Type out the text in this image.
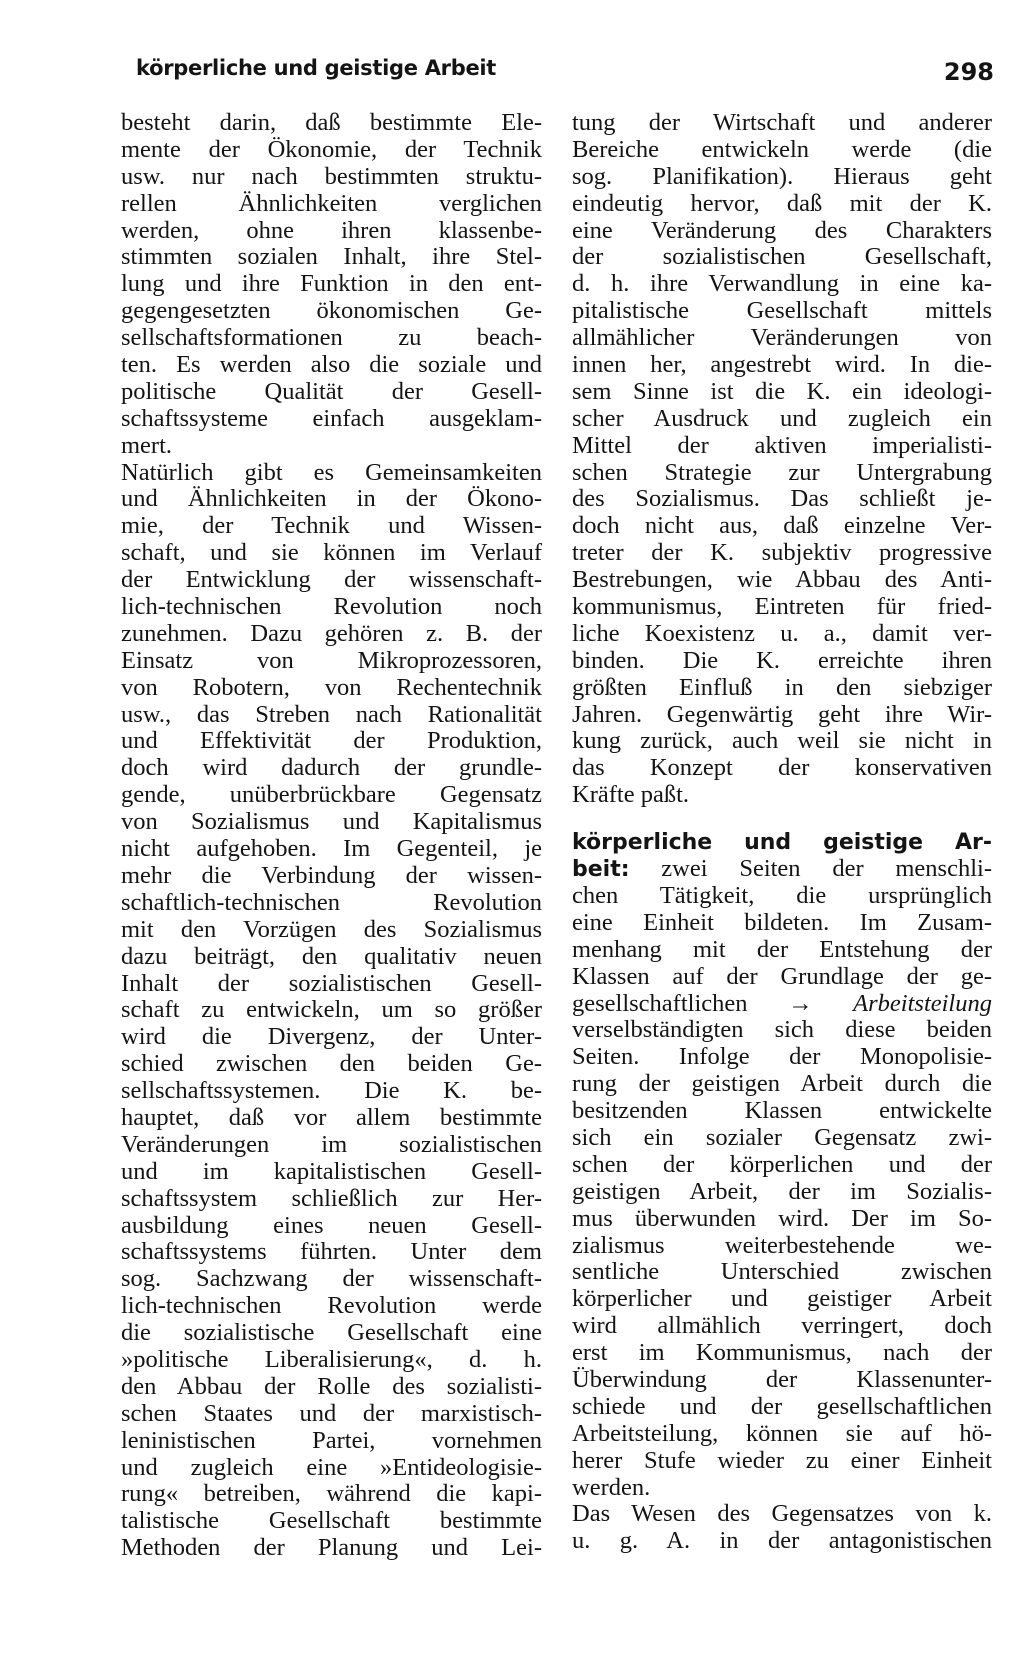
körperliche und geistige Arbeit	298
besteht darin, daß bestimmte Ele-
mente der Ökonomie, der Technik
usw. nur nach bestimmten struktu-
rellen Ähnlichkeiten verglichen
werden, ohne ihren klassenbe-
stimmten sozialen Inhalt, ihre Stel-
lung und ihre Funktion in den ent-
gegengesetzten ökonomischen Ge-
sellschaftsformationen zu beach-
ten. Es werden also die soziale und
politische Qualität der Gesell-
schaftssysteme einfach ausgeklam-
mert.
Natürlich gibt es Gemeinsamkeiten
und Ähnlichkeiten in der Ökono-
mie, der Technik und Wissen-
schaft, und sie können im Verlauf
der Entwicklung der wissenschaft-
lich-technischen Revolution noch
zunehmen. Dazu gehören z. B. der
Einsatz von Mikroprozessoren,
von Robotern, von Rechentechnik
usw., das Streben nach Rationalität
und Effektivität der Produktion,
doch wird dadurch der grundle-
gende, unüberbrückbare Gegensatz
von Sozialismus und Kapitalismus
nicht aufgehoben. Im Gegenteil, je
mehr die Verbindung der wissen-
schaftlich-technischen Revolution
mit den Vorzügen des Sozialismus
dazu beiträgt, den qualitativ neuen
Inhalt der sozialistischen Gesell-
schaft zu entwickeln, um so größer
wird die Divergenz, der Unter-
schied zwischen den beiden Ge-
sellschaftssystemen. Die K. be-
hauptet, daß vor allem bestimmte
Veränderungen im sozialistischen
und im kapitalistischen Gesell-
schaftssystem schließlich zur Her-
ausbildung eines neuen Gesell-
schaftssystems führten. Unter dem
sog. Sachzwang der wissenschaft-
lich-technischen Revolution werde
die sozialistische Gesellschaft eine
»politische Liberalisierung«, d. h.
den Abbau der Rolle des sozialisti-
schen Staates und der marxistisch-
leninistischen Partei, vornehmen
und zugleich eine »Entideologisie-
rung« betreiben, während die kapi-
talistische Gesellschaft bestimmte
Methoden der Planung und Lei-
tung der Wirtschaft und anderer
Bereiche entwickeln werde (die
sog. Planifikation). Hieraus geht
eindeutig hervor, daß mit der K.
eine Veränderung des Charakters
der sozialistischen Gesellschaft,
d. h. ihre Verwandlung in eine ka-
pitalistische Gesellschaft mittels
allmählicher Veränderungen von
innen her, angestrebt wird. In die-
sem Sinne ist die K. ein ideologi-
scher Ausdruck und zugleich ein
Mittel der aktiven imperialisti-
schen Strategie zur Untergrabung
des Sozialismus. Das schließt je-
doch nicht aus, daß einzelne Ver-
treter der K. subjektiv progressive
Bestrebungen, wie Abbau des Anti-
kommunismus, Eintreten für fried-
liche Koexistenz u. a., damit ver-
binden. Die K. erreichte ihren
größten Einfluß in den siebziger
Jahren. Gegenwärtig geht ihre Wir-
kung zurück, auch weil sie nicht in
das Konzept der konservativen
Kräfte paßt.
körperliche und geistige Ar-
beit: zwei Seiten der menschli-
chen Tätigkeit, die ursprünglich
eine Einheit bildeten. Im Zusam-
menhang mit der Entstehung der
Klassen auf der Grundlage der ge-
gesellschaftlichen → Arbeitsteilung
verselbständigten sich diese beiden
Seiten. Infolge der Monopolisie-
rung der geistigen Arbeit durch die
besitzenden Klassen entwickelte
sich ein sozialer Gegensatz zwi-
schen der körperlichen und der
geistigen Arbeit, der im Sozialis-
mus überwunden wird. Der im So-
zialismus weiterbestehende we-
sentliche Unterschied zwischen
körperlicher und geistiger Arbeit
wird allmählich verringert, doch
erst im Kommunismus, nach der
Überwindung der Klassenunter-
schiede und der gesellschaftlichen
Arbeitsteilung, können sie auf hö-
herer Stufe wieder zu einer Einheit
werden.
Das Wesen des Gegensatzes von k.
u. g. A. in der antagonistischen
